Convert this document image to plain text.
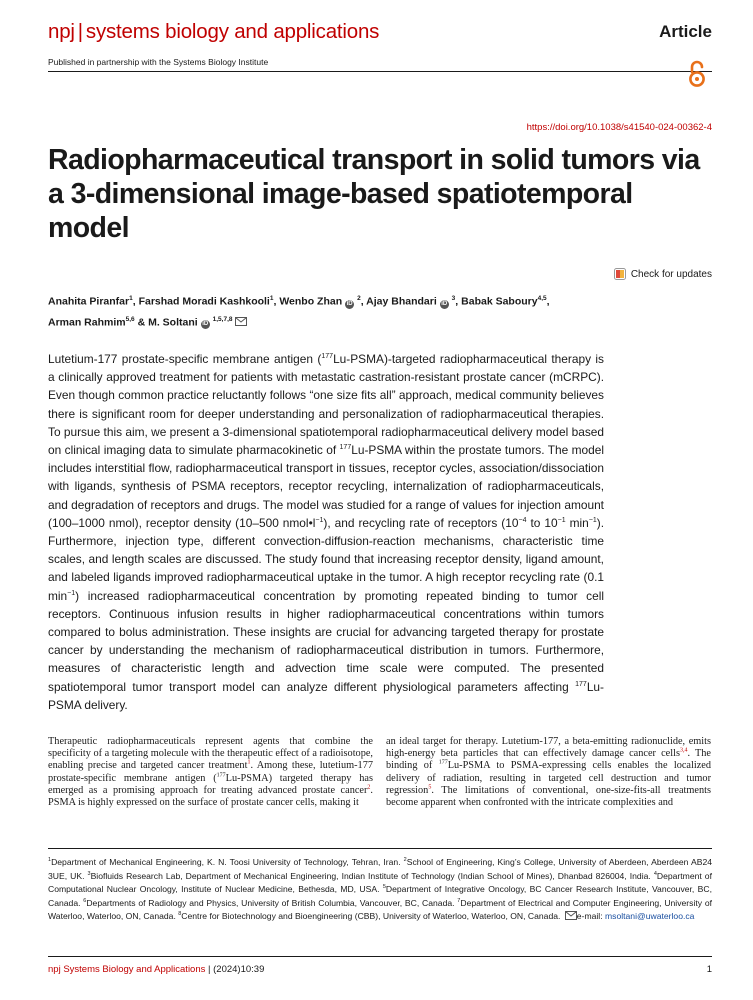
npj | systems biology and applications	Article
Published in partnership with the Systems Biology Institute
https://doi.org/10.1038/s41540-024-00362-4
Radiopharmaceutical transport in solid tumors via a 3-dimensional image-based spatiotemporal model
Check for updates
Anahita Piranfar$^1$, Farshad Moradi Kashkooli$^1$, Wenbo Zhan iD $^2$, Ajay Bhandari iD $^3$, Babak Saboury$^{4,5}$,
Arman Rahmim$^{5,6}$ & M. Soltani iD $^{1,5,7,8}$
Lutetium-177 prostate-specific membrane antigen ($^{177}$Lu-PSMA)-targeted radiopharmaceutical therapy is a clinically approved treatment for patients with metastatic castration-resistant prostate cancer (mCRPC). Even though common practice reluctantly follows “one size fits all” approach, medical community believes there is significant room for deeper understanding and personalization of radiopharmaceutical therapies. To pursue this aim, we present a 3-dimensional spatiotemporal radiopharmaceutical delivery model based on clinical imaging data to simulate pharmacokinetic of $^{177}$Lu-PSMA within the prostate tumors. The model includes interstitial flow, radiopharmaceutical transport in tissues, receptor cycles, association/dissociation with ligands, synthesis of PSMA receptors, receptor recycling, internalization of radiopharmaceuticals, and degradation of receptors and drugs. The model was studied for a range of values for injection amount (100–1000 nmol), receptor density (10–500 $nmol•l^{-1}$), and recycling rate of receptors ($10^{-4}$ to $10^{-1}$ $\min^{-1}$). Furthermore, injection type, different convection-diffusion-reaction mechanisms, characteristic time scales, and length scales are discussed. The study found that increasing receptor density, ligand amount, and labeled ligands improved radiopharmaceutical uptake in the tumor. A high receptor recycling rate (0.1 $\min^{-1}$) increased radiopharmaceutical concentration by promoting repeated binding to tumor cell receptors. Continuous infusion results in higher radiopharmaceutical concentrations within tumors compared to bolus administration. These insights are crucial for advancing targeted therapy for prostate cancer by understanding the mechanism of radiopharmaceutical distribution in tumors. Furthermore, measures of characteristic length and advection time scale were computed. The presented spatiotemporal tumor transport model can analyze different physiological parameters affecting $^{177}$Lu-PSMA delivery.
Therapeutic radiopharmaceuticals represent agents that combine the specificity of a targeting molecule with the therapeutic effect of a radioisotope, enabling precise and targeted cancer treatment$^1$. Among these, lutetium-177 prostate-specific membrane antigen ($^{177}$Lu-PSMA) targeted therapy has emerged as a promising approach for treating advanced prostate cancer$^2$. PSMA is highly expressed on the surface of prostate cancer cells, making it
an ideal target for therapy. Lutetium-177, a beta-emitting radionuclide, emits high-energy beta particles that can effectively damage cancer cells$^{3,4}$. The binding of $^{177}$Lu-PSMA to PSMA-expressing cells enables the localized delivery of radiation, resulting in targeted cell destruction and tumor regression$^5$. The limitations of conventional, one-size-fits-all treatments become apparent when confronted with the intricate complexities and
$^1$Department of Mechanical Engineering, K. N. Toosi University of Technology, Tehran, Iran. $^2$School of Engineering, King’s College, University of Aberdeen, Aberdeen AB24 3UE, UK. $^3$Biofluids Research Lab, Department of Mechanical Engineering, Indian Institute of Technology (Indian School of Mines), Dhanbad 826004, India. $^4$Department of Computational Nuclear Oncology, Institute of Nuclear Medicine, Bethesda, MD, USA. $^5$Department of Integrative Oncology, BC Cancer Research Institute, Vancouver, BC, Canada. $^6$Departments of Radiology and Physics, University of British Columbia, Vancouver, BC, Canada. $^7$Department of Electrical and Computer Engineering, University of Waterloo, Waterloo, ON, Canada. $^8$Centre for Biotechnology and Bioengineering (CBB), University of Waterloo, Waterloo, ON, Canada. e-mail: msoltani@uwaterloo.ca
npj Systems Biology and Applications | (2024)10:39	1
